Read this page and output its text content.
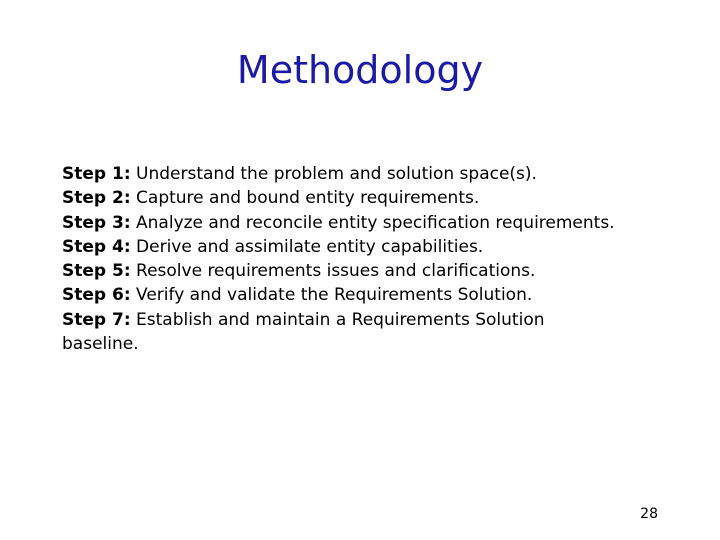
Methodology
Step 1: Understand the problem and solution space(s).
Step 2: Capture and bound entity requirements.
Step 3: Analyze and reconcile entity specification requirements.
Step 4: Derive and assimilate entity capabilities.
Step 5: Resolve requirements issues and clarifications.
Step 6: Verify and validate the Requirements Solution.
Step 7: Establish and maintain a Requirements Solution baseline.
28
